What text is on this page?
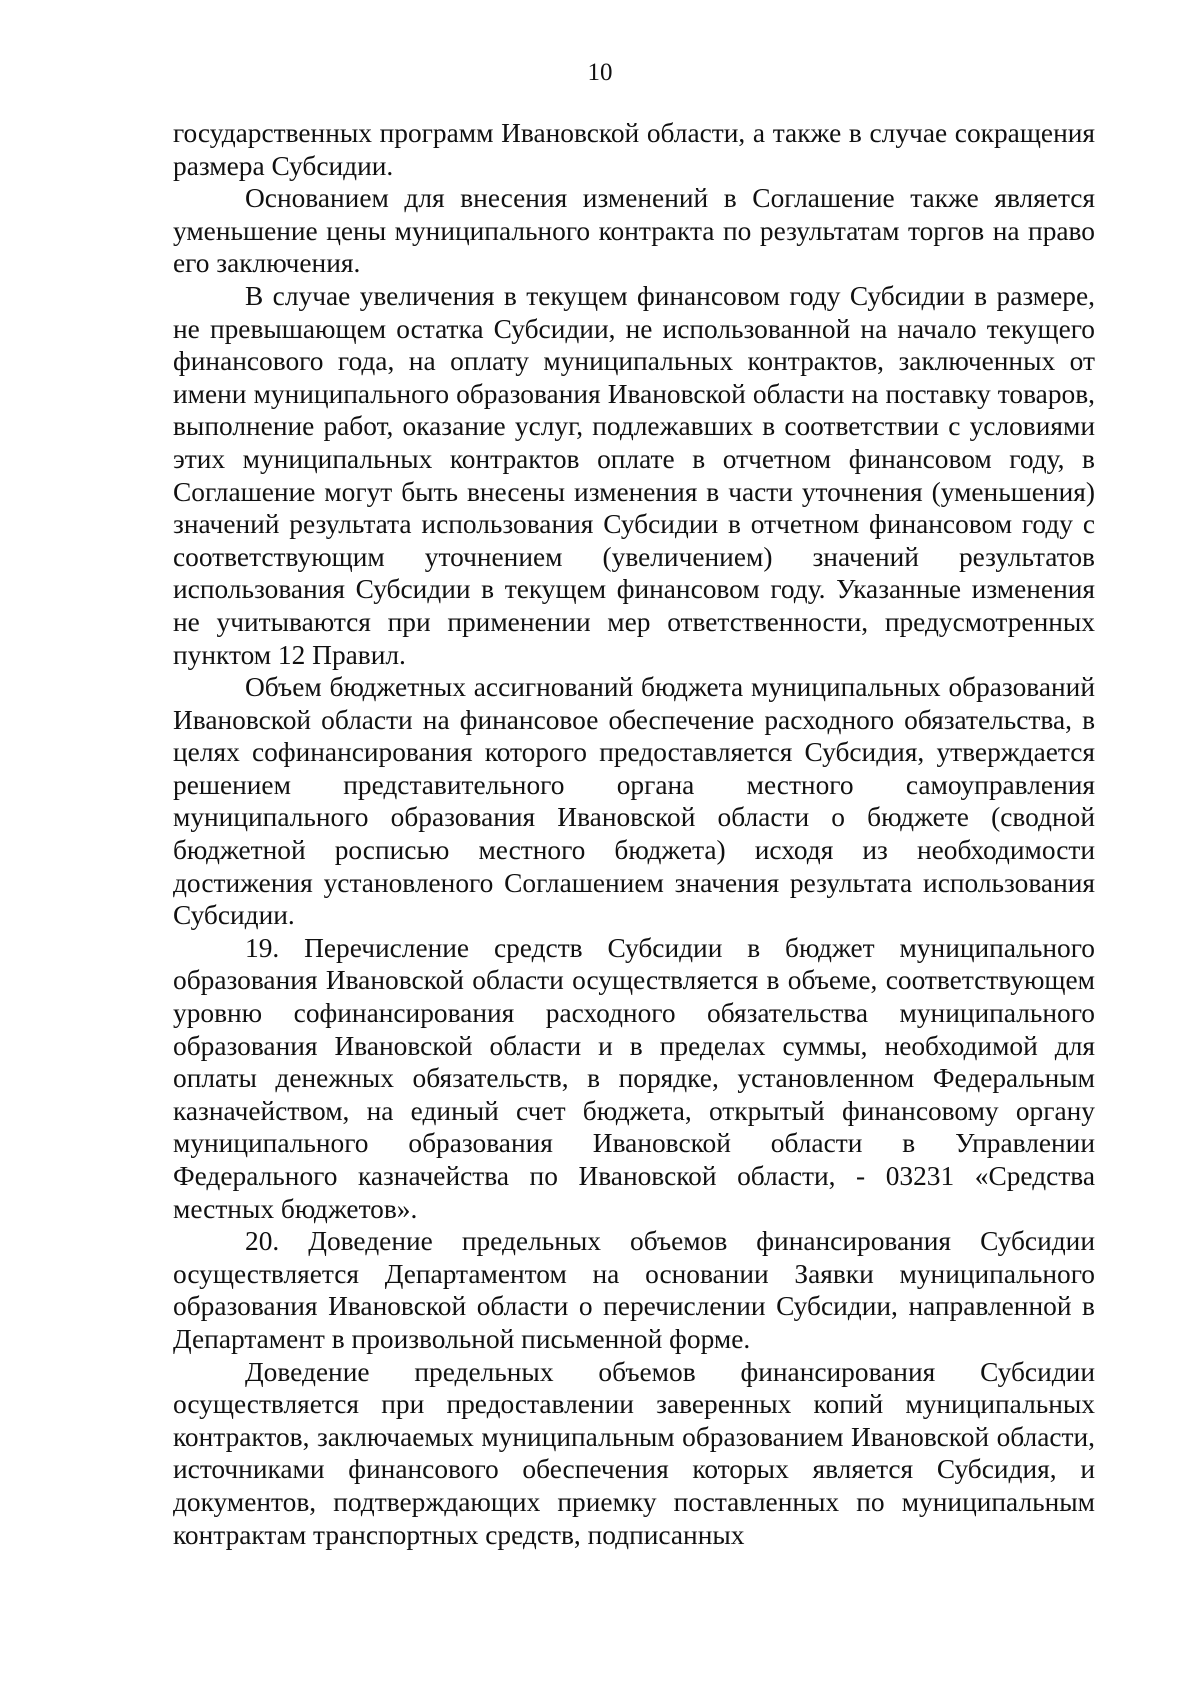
10

государственных программ Ивановской области, а также в случае сокращения размера Субсидии.

Основанием для внесения изменений в Соглашение также является уменьшение цены муниципального контракта по результатам торгов на право его заключения.

В случае увеличения в текущем финансовом году Субсидии в размере, не превышающем остатка Субсидии, не использованной на начало текущего финансового года, на оплату муниципальных контрактов, заключенных от имени муниципального образования Ивановской области на поставку товаров, выполнение работ, оказание услуг, подлежавших в соответствии с условиями этих муниципальных контрактов оплате в отчетном финансовом году, в Соглашение могут быть внесены изменения в части уточнения (уменьшения) значений результата использования Субсидии в отчетном финансовом году с соответствующим уточнением (увеличением) значений результатов использования Субсидии в текущем финансовом году. Указанные изменения не учитываются при применении мер ответственности, предусмотренных пунктом 12 Правил.

Объем бюджетных ассигнований бюджета муниципальных образований Ивановской области на финансовое обеспечение расходного обязательства, в целях софинансирования которого предоставляется Субсидия, утверждается решением представительного органа местного самоуправления муниципального образования Ивановской области о бюджете (сводной бюджетной росписью местного бюджета) исходя из необходимости достижения установленого Соглашением значения результата использования Субсидии.

19. Перечисление средств Субсидии в бюджет муниципального образования Ивановской области осуществляется в объеме, соответствующем уровню софинансирования расходного обязательства муниципального образования Ивановской области и в пределах суммы, необходимой для оплаты денежных обязательств, в порядке, установленном Федеральным казначейством, на единый счет бюджета, открытый финансовому органу муниципального образования Ивановской области в Управлении Федерального казначейства по Ивановской области, - 03231 «Средства местных бюджетов».

20. Доведение предельных объемов финансирования Субсидии осуществляется Департаментом на основании Заявки муниципального образования Ивановской области о перечислении Субсидии, направленной в Департамент в произвольной письменной форме.

Доведение предельных объемов финансирования Субсидии осуществляется при предоставлении заверенных копий муниципальных контрактов, заключаемых муниципальным образованием Ивановской области, источниками финансового обеспечения которых является Субсидия, и документов, подтверждающих приемку поставленных по муниципальным контрактам транспортных средств, подписанных
